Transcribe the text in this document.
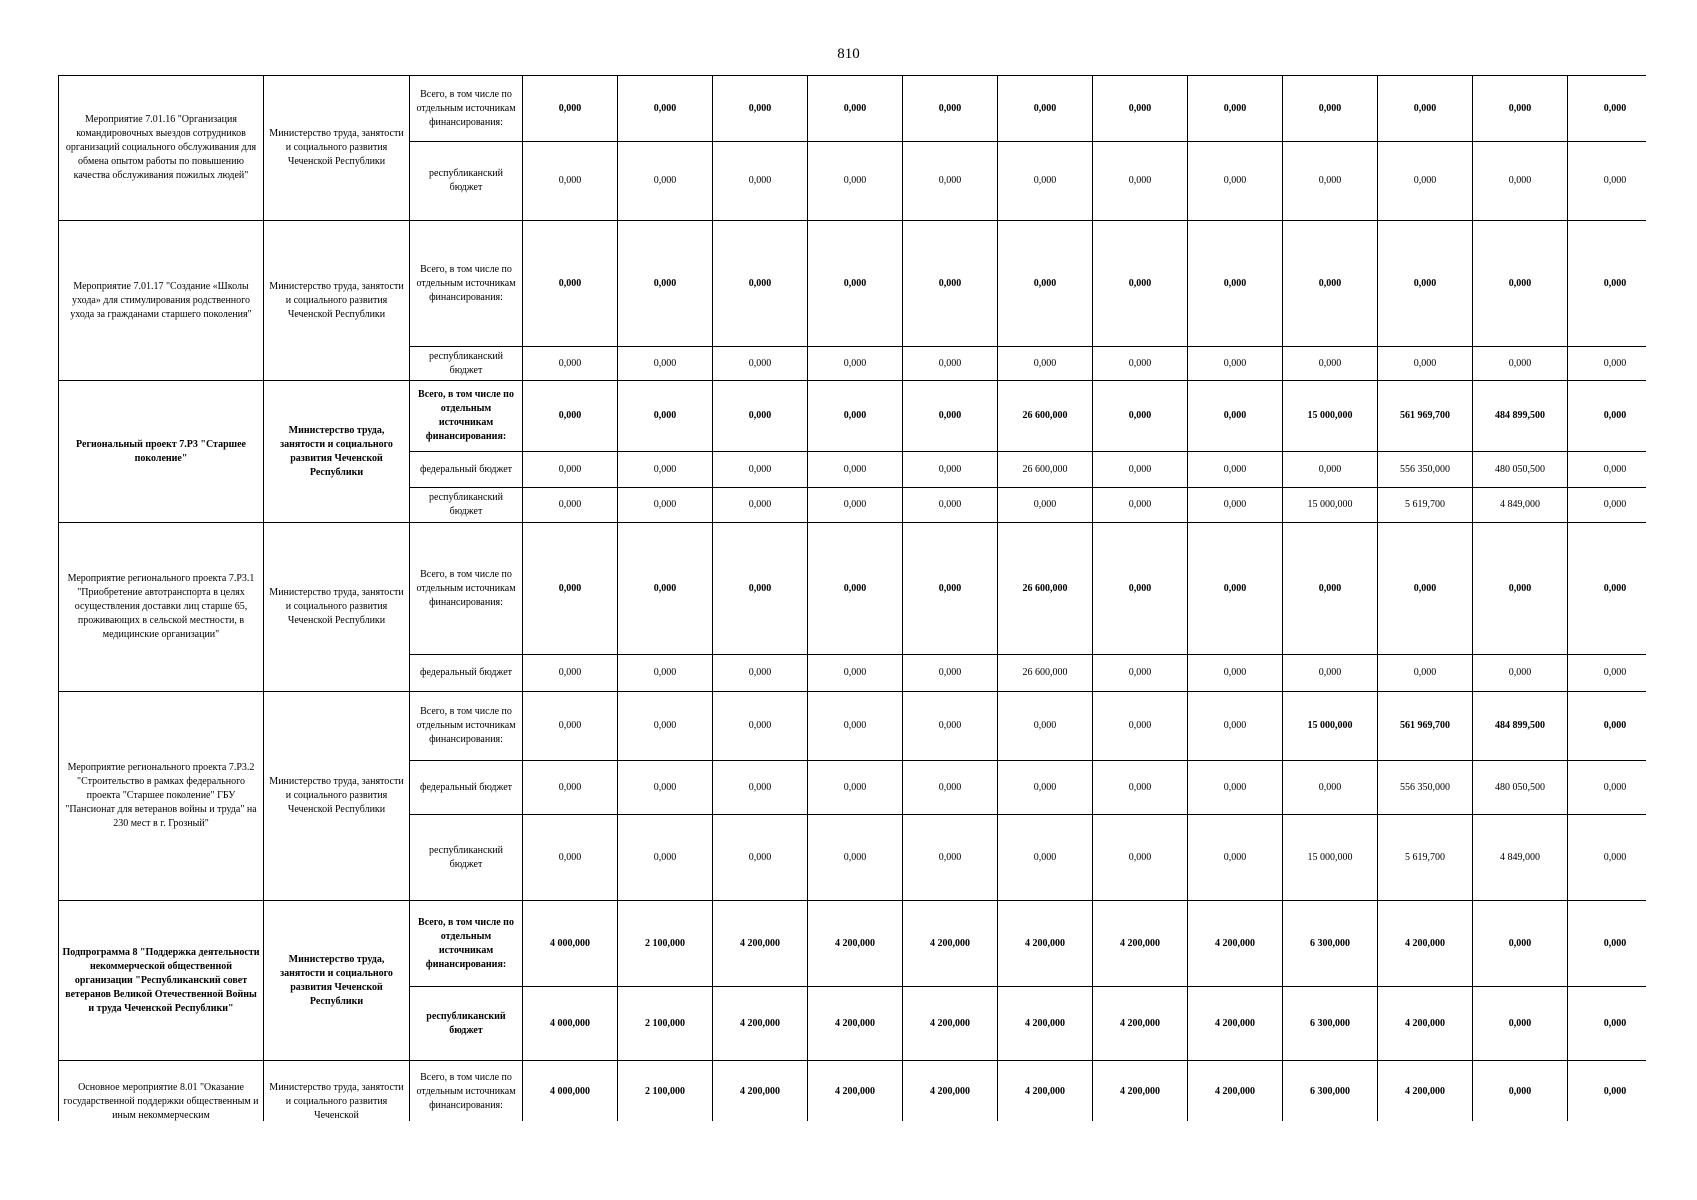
810
Мероприятие 7.01.16 "Организация командировочных выездов сотрудников организаций социального обслуживания для обмена опытом работы по повышению качества обслуживания пожилых людей"	Министерство труда, занятости и социального развития Чеченской Республики	Всего, в том числе по отдельным источникам финансирования:	0,000	0,000	0,000	0,000	0,000	0,000	0,000	0,000	0,000	0,000	0,000	0,000
		республиканский бюджет	0,000	0,000	0,000	0,000	0,000	0,000	0,000	0,000	0,000	0,000	0,000	0,000
Мероприятие 7.01.17 "Создание «Школы ухода» для стимулирования родственного ухода за гражданами старшего поколения"	Министерство труда, занятости и социального развития Чеченской Республики	Всего, в том числе по отдельным источникам финансирования:	0,000	0,000	0,000	0,000	0,000	0,000	0,000	0,000	0,000	0,000	0,000	0,000
		республиканский бюджет	0,000	0,000	0,000	0,000	0,000	0,000	0,000	0,000	0,000	0,000	0,000	0,000
Региональный проект 7.Р3 "Старшее поколение"	Министерство труда, занятости и социального развития Чеченской Республики	Всего, в том числе по отдельным источникам финансирования:	0,000	0,000	0,000	0,000	0,000	26 600,000	0,000	0,000	15 000,000	561 969,700	484 899,500	0,000
		федеральный бюджет	0,000	0,000	0,000	0,000	0,000	26 600,000	0,000	0,000	0,000	556 350,000	480 050,500	0,000
		республиканский бюджет	0,000	0,000	0,000	0,000	0,000	0,000	0,000	0,000	15 000,000	5 619,700	4 849,000	0,000
Мероприятие регионального проекта 7.Р3.1 "Приобретение автотранспорта в целях осуществления доставки лиц старше 65, проживающих в сельской местности, в медицинские организации"	Министерство труда, занятости и социального развития Чеченской Республики	Всего, в том числе по отдельным источникам финансирования:	0,000	0,000	0,000	0,000	0,000	26 600,000	0,000	0,000	0,000	0,000	0,000	0,000
		федеральный бюджет	0,000	0,000	0,000	0,000	0,000	26 600,000	0,000	0,000	0,000	0,000	0,000	0,000
Мероприятие регионального проекта 7.Р3.2 "Строительство в рамках федерального проекта "Старшее поколение" ГБУ "Пансионат для ветеранов войны и труда" на 230 мест в г. Грозный"	Министерство труда, занятости и социального развития Чеченской Республики	Всего, в том числе по отдельным источникам финансирования:	0,000	0,000	0,000	0,000	0,000	0,000	0,000	0,000	15 000,000	561 969,700	484 899,500	0,000
		федеральный бюджет	0,000	0,000	0,000	0,000	0,000	0,000	0,000	0,000	0,000	556 350,000	480 050,500	0,000
		республиканский бюджет	0,000	0,000	0,000	0,000	0,000	0,000	0,000	0,000	15 000,000	5 619,700	4 849,000	0,000
Подпрограмма 8 "Поддержка деятельности некоммерческой общественной организации "Республиканский совет ветеранов Великой Отечественной Войны и труда Чеченской Республики"	Министерство труда, занятости и социального развития Чеченской Республики	Всего, в том числе по отдельным источникам финансирования:	4 000,000	2 100,000	4 200,000	4 200,000	4 200,000	4 200,000	4 200,000	4 200,000	6 300,000	4 200,000	0,000	0,000
		республиканский бюджет	4 000,000	2 100,000	4 200,000	4 200,000	4 200,000	4 200,000	4 200,000	4 200,000	6 300,000	4 200,000	0,000	0,000
Основное мероприятие 8.01 "Оказание государственной поддержки общественным и иным некоммерческим	Министерство труда, занятости и социального развития Чеченской	Всего, в том числе по отдельным источникам финансирования:	4 000,000	2 100,000	4 200,000	4 200,000	4 200,000	4 200,000	4 200,000	4 200,000	6 300,000	4 200,000	0,000	0,000
